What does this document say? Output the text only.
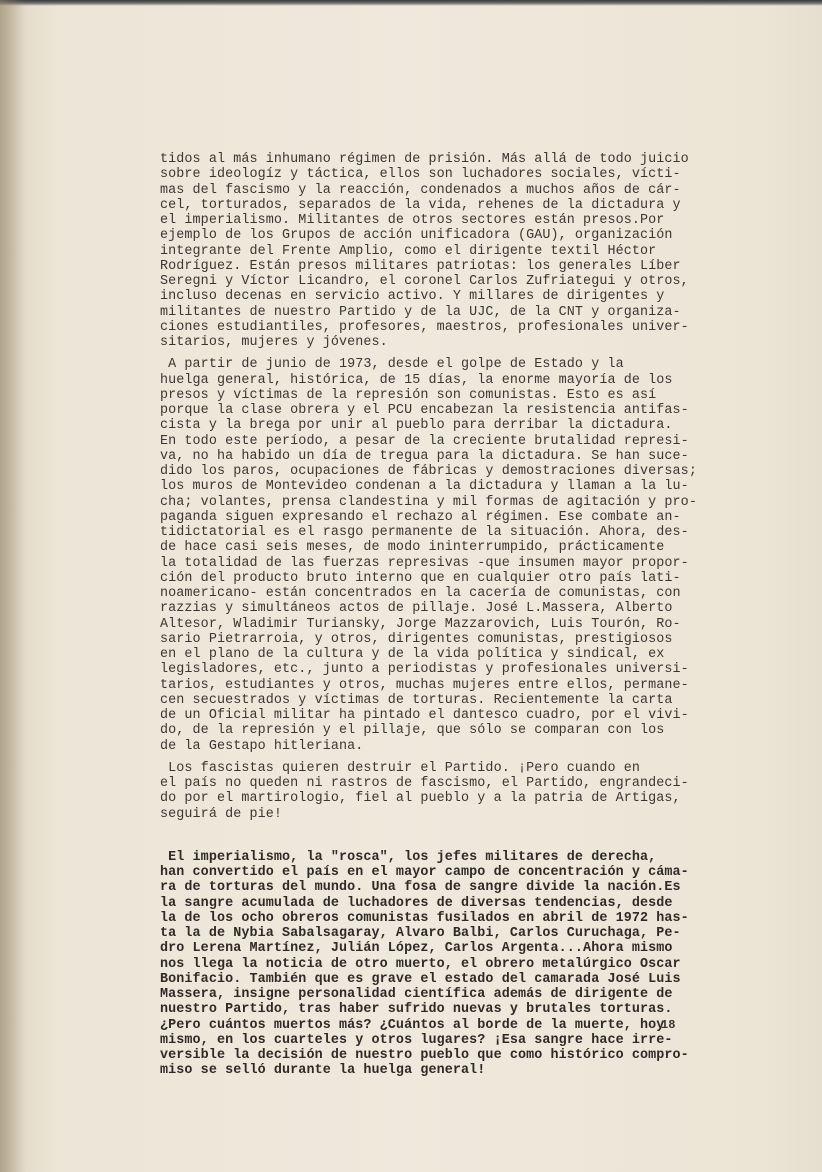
tidos al más inhumano régimen de prisión. Más allá de todo juicio
sobre ideologíz y táctica, ellos son luchadores sociales, vícti-
mas del fascismo y la reacción, condenados a muchos años de cár-
cel, torturados, separados de la vida, rehenes de la dictadura y
el imperialismo. Militantes de otros sectores están presos.Por
ejemplo de los Grupos de acción unificadora (GAU), organización
integrante del Frente Amplio, como el dirigente textil Héctor
Rodríguez. Están presos militares patriotas: los generales Líber
Seregni y Víctor Licandro, el coronel Carlos Zufriategui y otros,
incluso decenas en servicio activo. Y millares de dirigentes y
militantes de nuestro Partido y de la UJC, de la CNT y organiza-
ciones estudiantiles, profesores, maestros, profesionales univer-
sitarios, mujeres y jóvenes.
A partir de junio de 1973, desde el golpe de Estado y la
huelga general, histórica, de 15 días, la enorme mayoría de los
presos y víctimas de la represión son comunistas. Esto es así
porque la clase obrera y el PCU encabezan la resistencia antifas-
cista y la brega por unir al pueblo para derribar la dictadura.
En todo este período, a pesar de la creciente brutalidad represi-
va, no ha habido un día de tregua para la dictadura. Se han suce-
dido los paros, ocupaciones de fábricas y demostraciones diversas;
los muros de Montevideo condenan a la dictadura y llaman a la lu-
cha; volantes, prensa clandestina y mil formas de agitación y pro-
paganda siguen expresando el rechazo al régimen. Ese combate an-
tidictatorial es el rasgo permanente de la situación. Ahora, des-
de hace casi seis meses, de modo ininterrumpido, prácticamente
la totalidad de las fuerzas represivas -que insumen mayor propor-
ción del producto bruto interno que en cualquier otro país lati-
noamericano- están concentrados en la cacería de comunistas, con
razzias y simultáneos actos de pillaje. José L.Massera, Alberto
Altesor, Wladimir Turiansky, Jorge Mazzarovich, Luis Tourón, Ro-
sario Pietrarroia, y otros, dirigentes comunistas, prestigiosos
en el plano de la cultura y de la vida política y sindical, ex
legisladores, etc., junto a periodistas y profesionales universi-
tarios, estudiantes y otros, muchas mujeres entre ellos, permane-
cen secuestrados y víctimas de torturas. Recientemente la carta
de un Oficial militar ha pintado el dantesco cuadro, por el vivi-
do, de la represión y el pillaje, que sólo se comparan con los
de la Gestapo hitleriana.
Los fascistas quieren destruir el Partido. ¡Pero cuando en
el país no queden ni rastros de fascismo, el Partido, engrandeci-
do por el martirologio, fiel al pueblo y a la patria de Artigas,
seguirá de pie!
El imperialismo, la "rosca", los jefes militares de derecha,
han convertido el país en el mayor campo de concentración y cáma-
ra de torturas del mundo. Una fosa de sangre divide la nación.Es
la sangre acumulada de luchadores de diversas tendencias, desde
la de los ocho obreros comunistas fusilados en abril de 1972 has-
ta la de Nybia Sabalsagaray, Alvaro Balbi, Carlos Curuchaga, Pe-
dro Lerena Martínez, Julián López, Carlos Argenta...Ahora mismo
nos llega la noticia de otro muerto, el obrero metalúrgico Oscar
Bonifacio. También que es grave el estado del camarada José Luis
Massera, insigne personalidad científica además de dirigente de
nuestro Partido, tras haber sufrido nuevas y brutales torturas.
¿Pero cuántos muertos más? ¿Cuántos al borde de la muerte, hoy
mismo, en los cuarteles y otros lugares? ¡Esa sangre hace irre-
versible la decisión de nuestro pueblo que como histórico compro-
miso se selló durante la huelga general!
18
